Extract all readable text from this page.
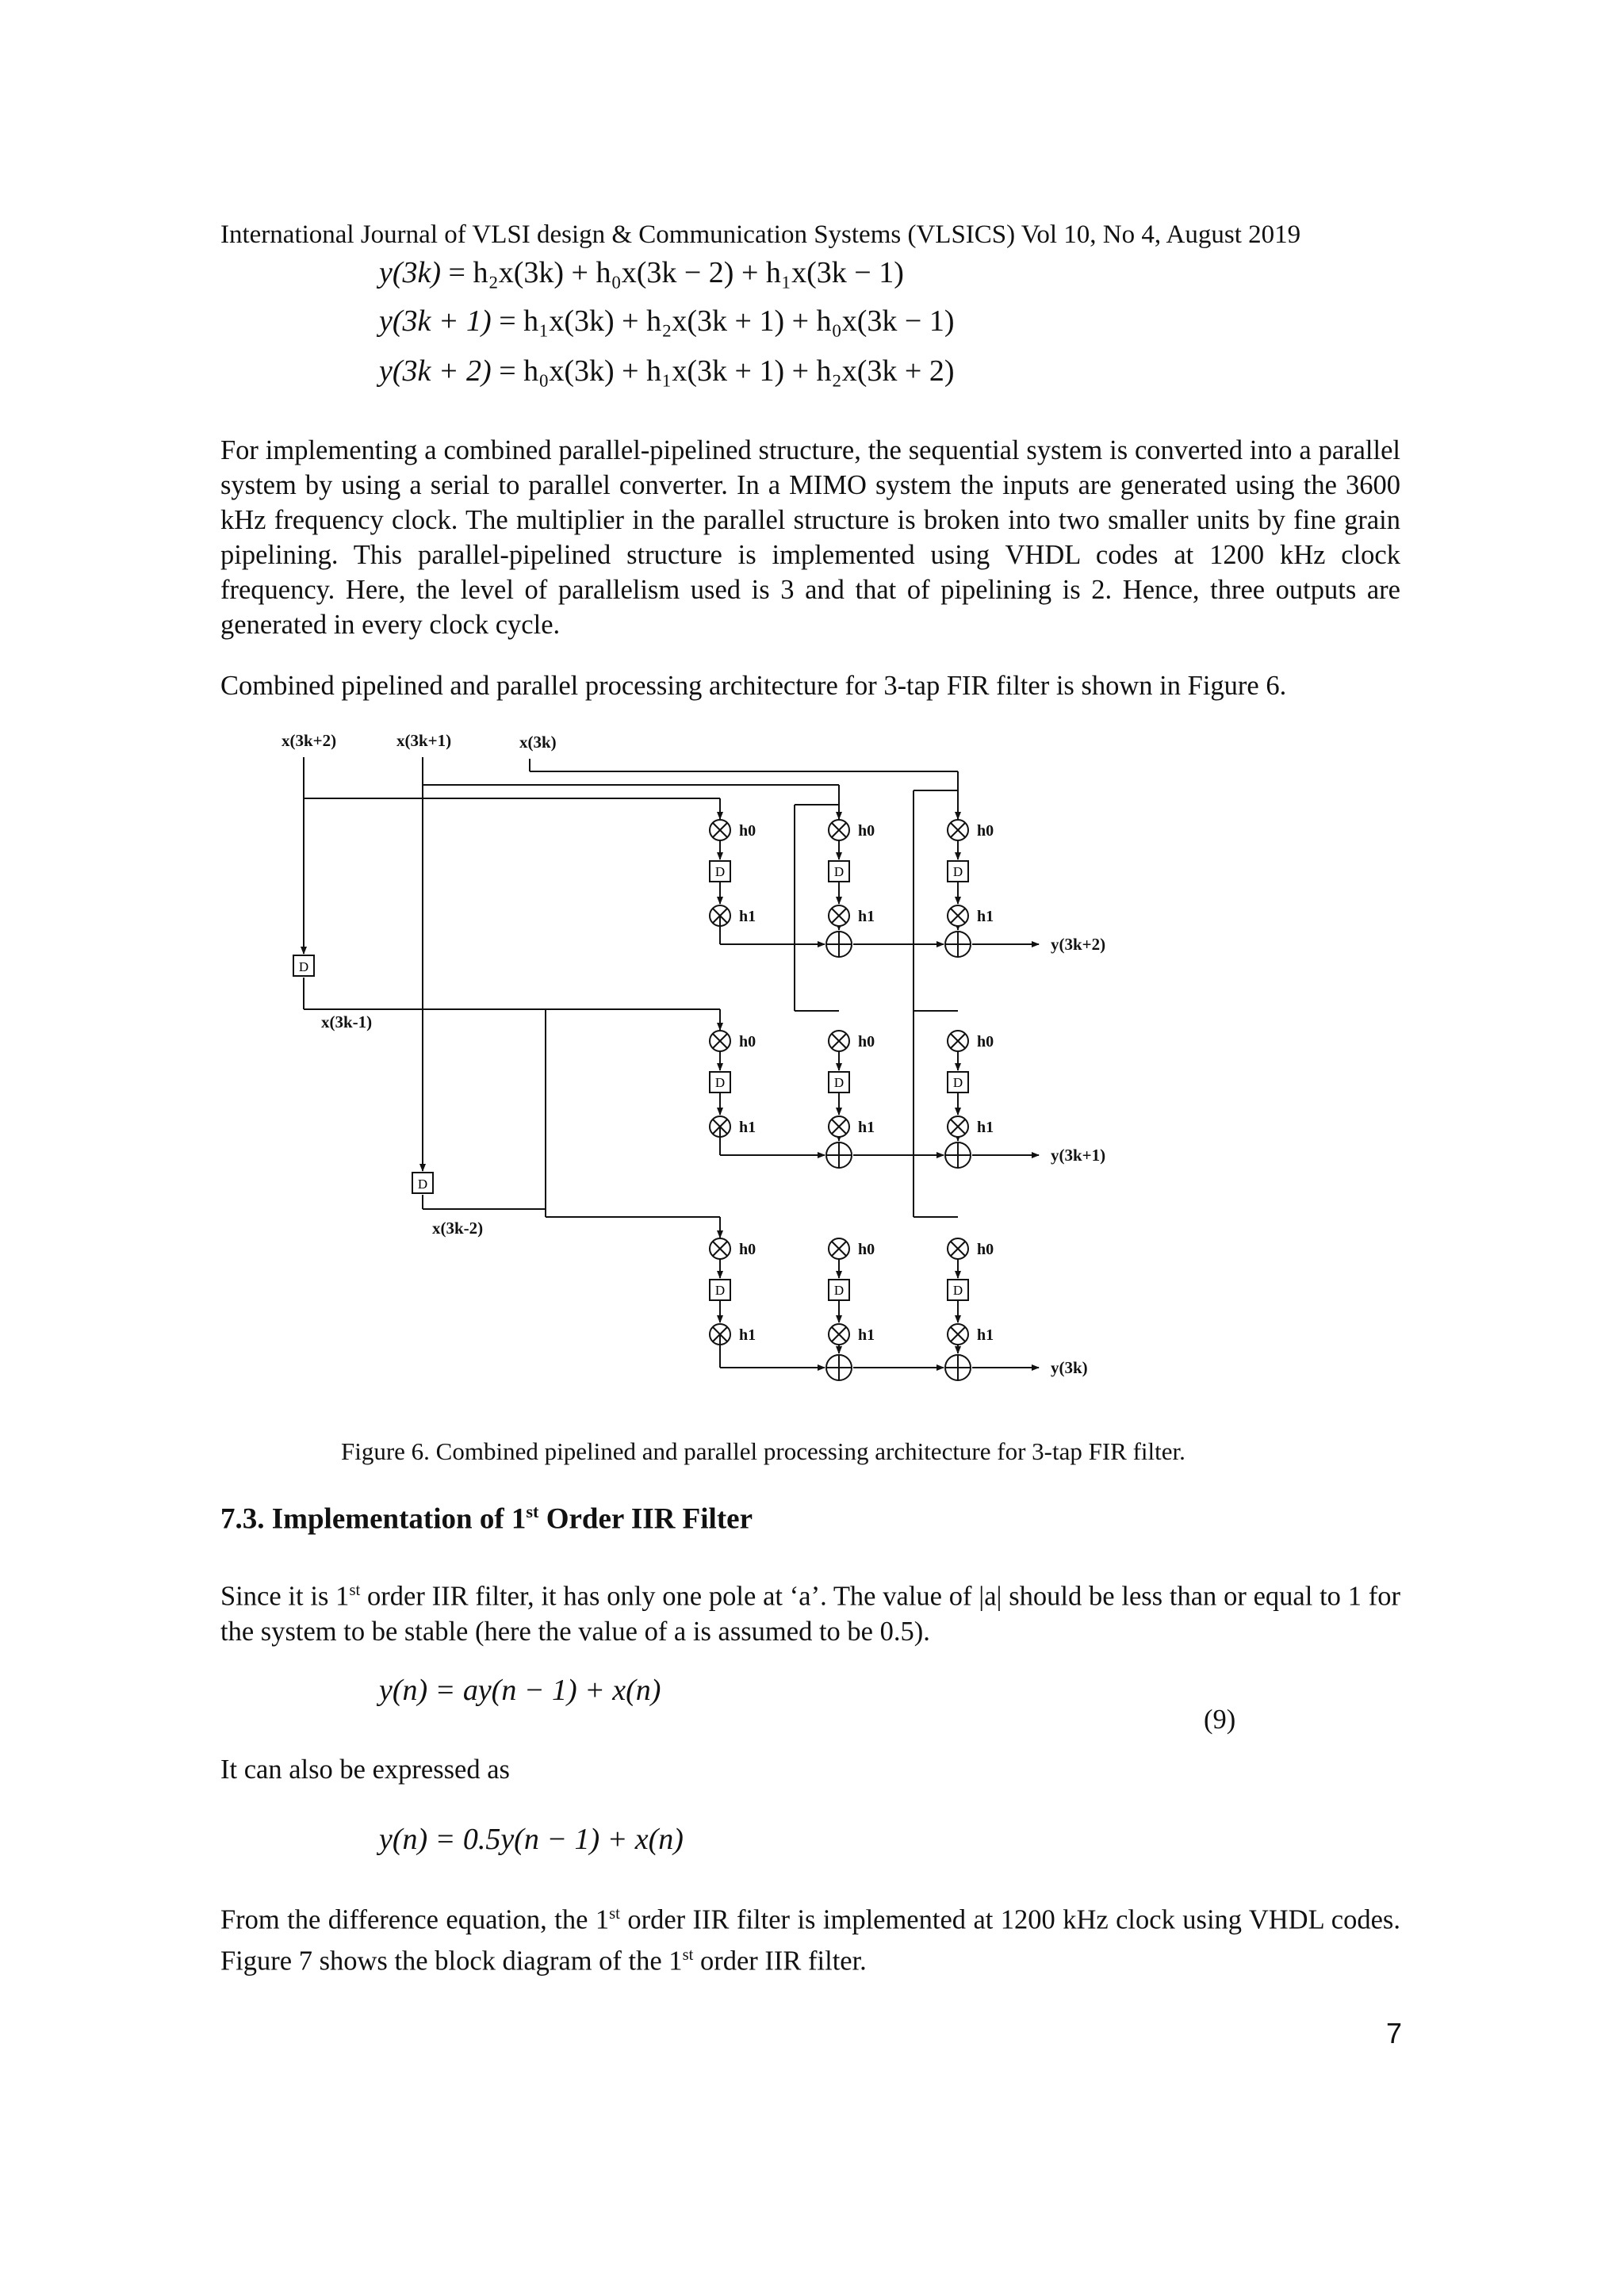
International Journal of VLSI design & Communication Systems (VLSICS) Vol 10, No 4, August 2019
y(3k) = h₂x(3k) + h₀x(3k − 2) + h₁x(3k − 1)
y(3k + 1) = h₁x(3k) + h₂x(3k + 1) + h₀x(3k − 1)
y(3k + 2) = h₀x(3k) + h₁x(3k + 1) + h₂x(3k + 2)
For implementing a combined parallel-pipelined structure, the sequential system is converted into a parallel system by using a serial to parallel converter. In a MIMO system the inputs are generated using the 3600 kHz frequency clock. The multiplier in the parallel structure is broken into two smaller units by fine grain pipelining. This parallel-pipelined structure is implemented using VHDL codes at 1200 kHz clock frequency. Here, the level of parallelism used is 3 and that of pipelining is 2. Hence, three outputs are generated in every clock cycle.
Combined pipelined and parallel processing architecture for 3-tap FIR filter is shown in Figure 6.
D
D
x(3k+2)	x(3k+1)	x(3k)
x(3k-1)
x(3k-2)
h0
D
h1
h0
D
h1
h0
D
h1
h0
D
h1
h0
D
h1
h0
D
h1
h0
D
h1
h0
D
h1
h0
D
h1
y(3k+2)
y(3k+1)
y(3k)
Figure 6. Combined pipelined and parallel processing architecture for 3-tap FIR filter.
7.3. Implementation of 1st Order IIR Filter
Since it is 1st order IIR filter, it has only one pole at ‘a’. The value of |a| should be less than or equal to 1 for the system to be stable (here the value of a is assumed to be 0.5).
y(n) = ay(n − 1) + x(n)
(9)
It can also be expressed as
y(n) = 0.5y(n − 1) + x(n)
From the difference equation, the 1st order IIR filter is implemented at 1200 kHz clock using VHDL codes. Figure 7 shows the block diagram of the 1st order IIR filter.
7
